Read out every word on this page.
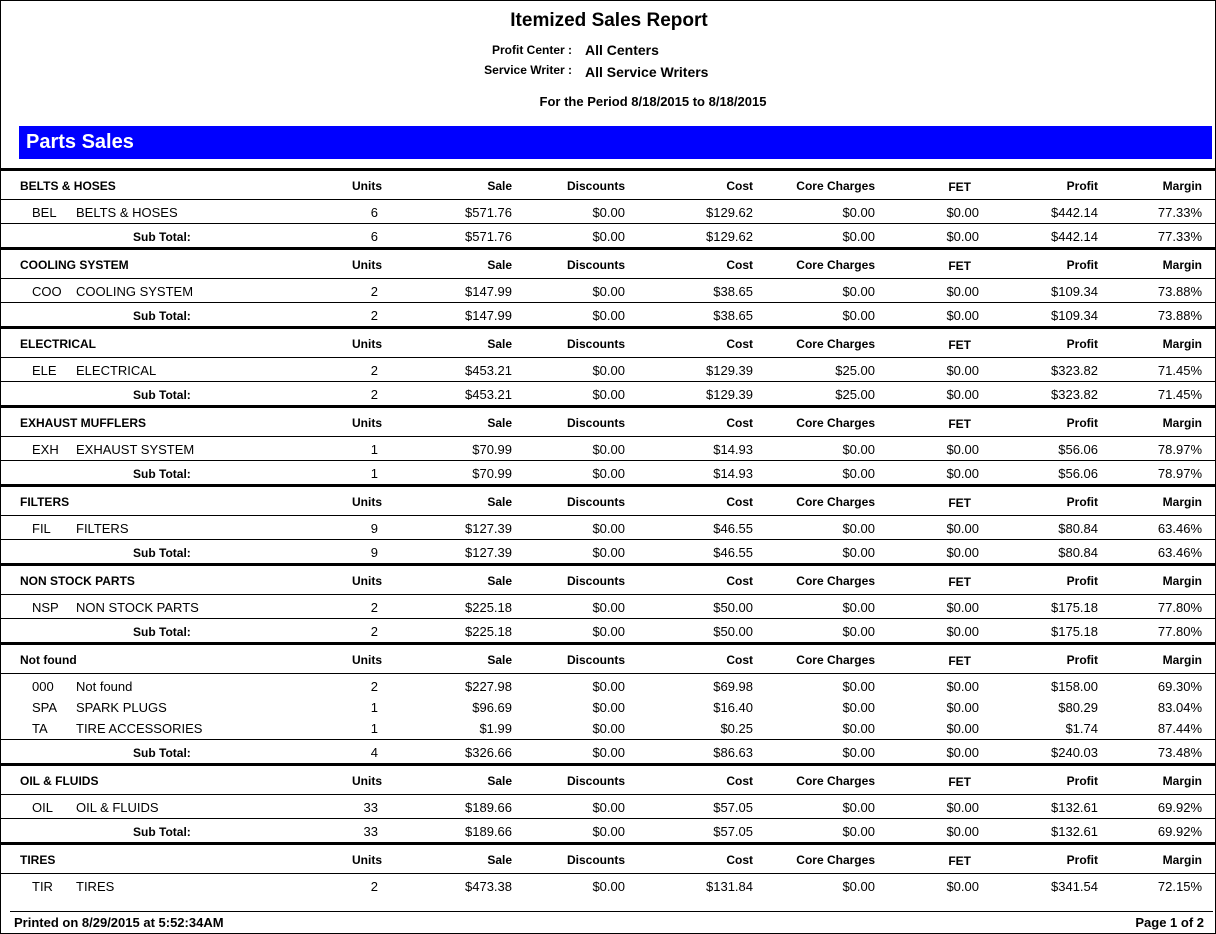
Itemized Sales Report
Profit Center : All Centers
Service Writer : All Service Writers
For the Period 8/18/2015 to 8/18/2015
Parts Sales
BELTS & HOSES	Units	Sale	Discounts	Cost	Core Charges	FET	Profit	Margin
BEL BELTS & HOSES	6	$571.76	$0.00	$129.62	$0.00	$0.00	$442.14	77.33%
Sub Total:	6	$571.76	$0.00	$129.62	$0.00	$0.00	$442.14	77.33%
COOLING SYSTEM	Units	Sale	Discounts	Cost	Core Charges	FET	Profit	Margin
COO COOLING SYSTEM	2	$147.99	$0.00	$38.65	$0.00	$0.00	$109.34	73.88%
Sub Total:	2	$147.99	$0.00	$38.65	$0.00	$0.00	$109.34	73.88%
ELECTRICAL	Units	Sale	Discounts	Cost	Core Charges	FET	Profit	Margin
ELE ELECTRICAL	2	$453.21	$0.00	$129.39	$25.00	$0.00	$323.82	71.45%
Sub Total:	2	$453.21	$0.00	$129.39	$25.00	$0.00	$323.82	71.45%
EXHAUST MUFFLERS	Units	Sale	Discounts	Cost	Core Charges	FET	Profit	Margin
EXH EXHAUST SYSTEM	1	$70.99	$0.00	$14.93	$0.00	$0.00	$56.06	78.97%
Sub Total:	1	$70.99	$0.00	$14.93	$0.00	$0.00	$56.06	78.97%
FILTERS	Units	Sale	Discounts	Cost	Core Charges	FET	Profit	Margin
FIL FILTERS	9	$127.39	$0.00	$46.55	$0.00	$0.00	$80.84	63.46%
Sub Total:	9	$127.39	$0.00	$46.55	$0.00	$0.00	$80.84	63.46%
NON STOCK PARTS	Units	Sale	Discounts	Cost	Core Charges	FET	Profit	Margin
NSP NON STOCK PARTS	2	$225.18	$0.00	$50.00	$0.00	$0.00	$175.18	77.80%
Sub Total:	2	$225.18	$0.00	$50.00	$0.00	$0.00	$175.18	77.80%
Not found	Units	Sale	Discounts	Cost	Core Charges	FET	Profit	Margin
000 Not found	2	$227.98	$0.00	$69.98	$0.00	$0.00	$158.00	69.30%
SPA SPARK PLUGS	1	$96.69	$0.00	$16.40	$0.00	$0.00	$80.29	83.04%
TA TIRE ACCESSORIES	1	$1.99	$0.00	$0.25	$0.00	$0.00	$1.74	87.44%
Sub Total:	4	$326.66	$0.00	$86.63	$0.00	$0.00	$240.03	73.48%
OIL & FLUIDS	Units	Sale	Discounts	Cost	Core Charges	FET	Profit	Margin
OIL OIL & FLUIDS	33	$189.66	$0.00	$57.05	$0.00	$0.00	$132.61	69.92%
Sub Total:	33	$189.66	$0.00	$57.05	$0.00	$0.00	$132.61	69.92%
TIRES	Units	Sale	Discounts	Cost	Core Charges	FET	Profit	Margin
TIR TIRES	2	$473.38	$0.00	$131.84	$0.00	$0.00	$341.54	72.15%
Printed on 8/29/2015 at 5:52:34AM	Page 1 of 2
